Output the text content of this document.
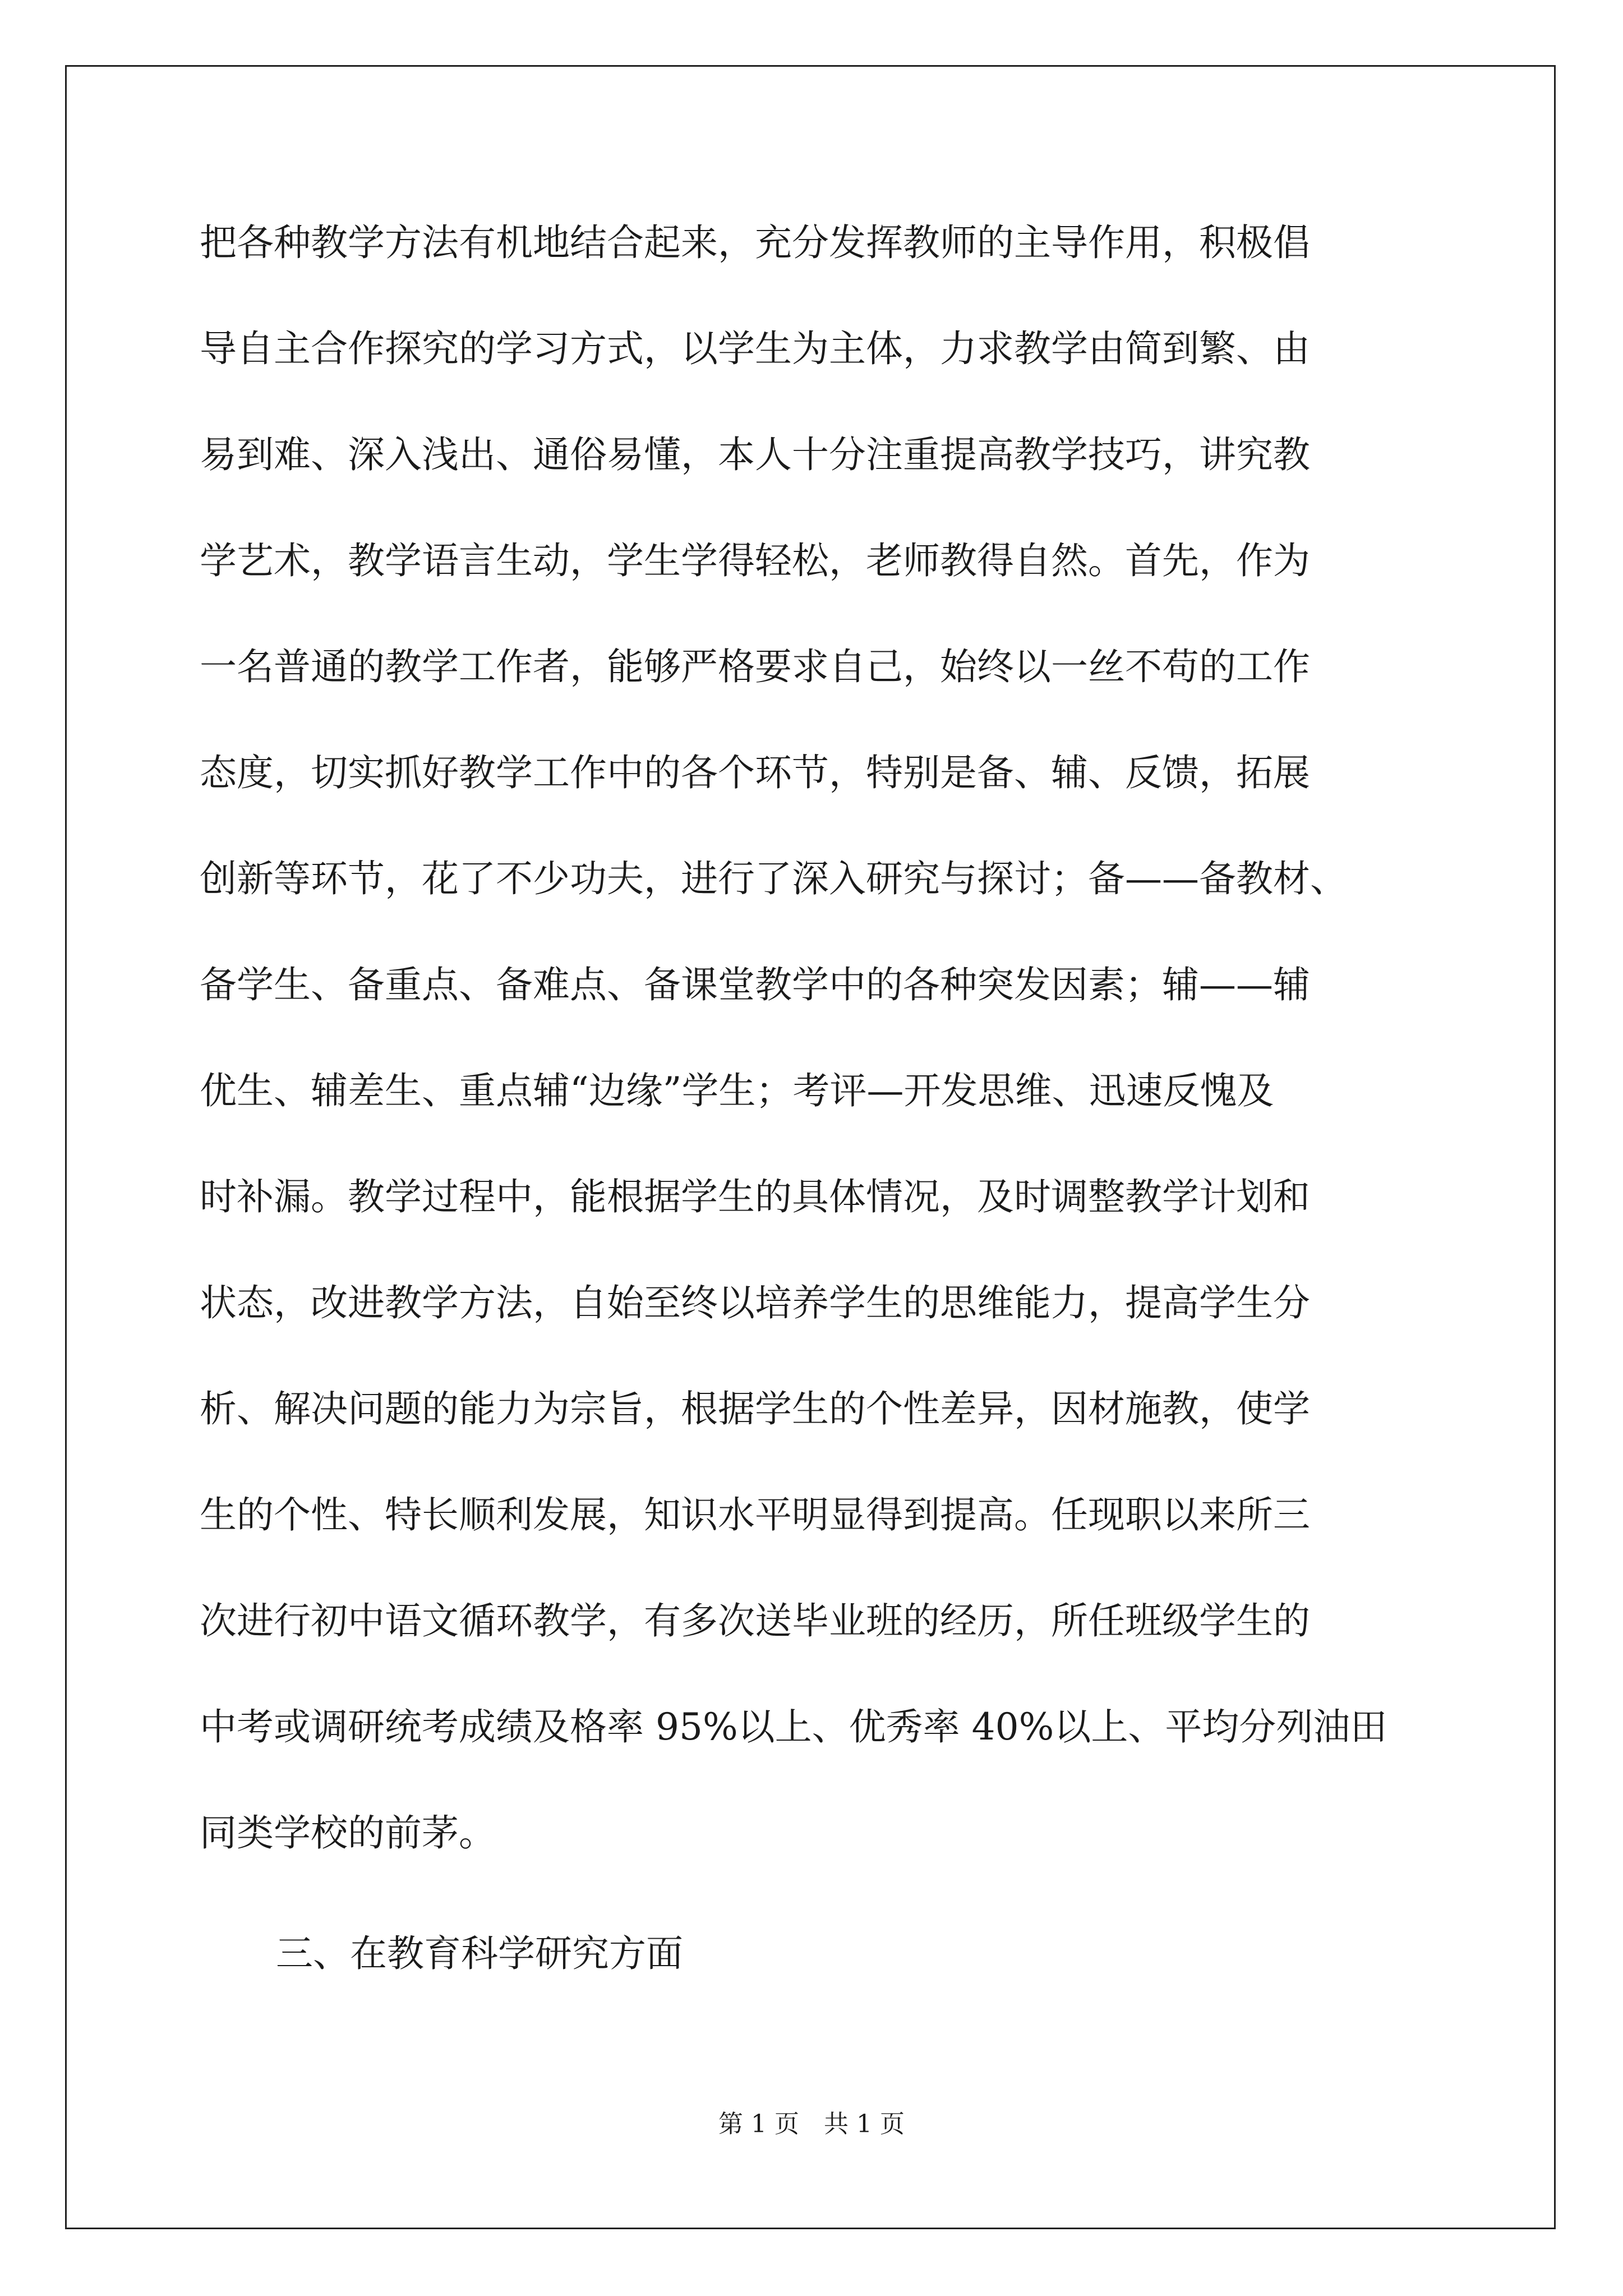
把各种教学方法有机地结合起来，充分发挥教师的主导作用，积极倡
导自主合作探究的学习方式，以学生为主体，力求教学由简到繁、由
易到难、深入浅出、通俗易懂，本人十分注重提高教学技巧，讲究教
学艺术，教学语言生动，学生学得轻松，老师教得自然。首先，作为
一名普通的教学工作者，能够严格要求自己，始终以一丝不苟的工作
态度，切实抓好教学工作中的各个环节，特别是备、辅、反馈，拓展
创新等环节，花了不少功夫，进行了深入研究与探讨；备——备教材、
备学生、备重点、备难点、备课堂教学中的各种突发因素；辅——辅
优生、辅差生、重点辅“边缘”学生；考评—开发思维、迅速反愧及
时补漏。教学过程中，能根据学生的具体情况，及时调整教学计划和
状态，改进教学方法，自始至终以培养学生的思维能力，提高学生分
析、解决问题的能力为宗旨，根据学生的个性差异，因材施教，使学
生的个性、特长顺利发展，知识水平明显得到提高。任现职以来所三
次进行初中语文循环教学，有多次送毕业班的经历，所任班级学生的
中考或调研统考成绩及格率 95%以上、优秀率 40%以上、平均分列油田
同类学校的前茅。
三、在教育科学研究方面
第 1 页　共 1 页
